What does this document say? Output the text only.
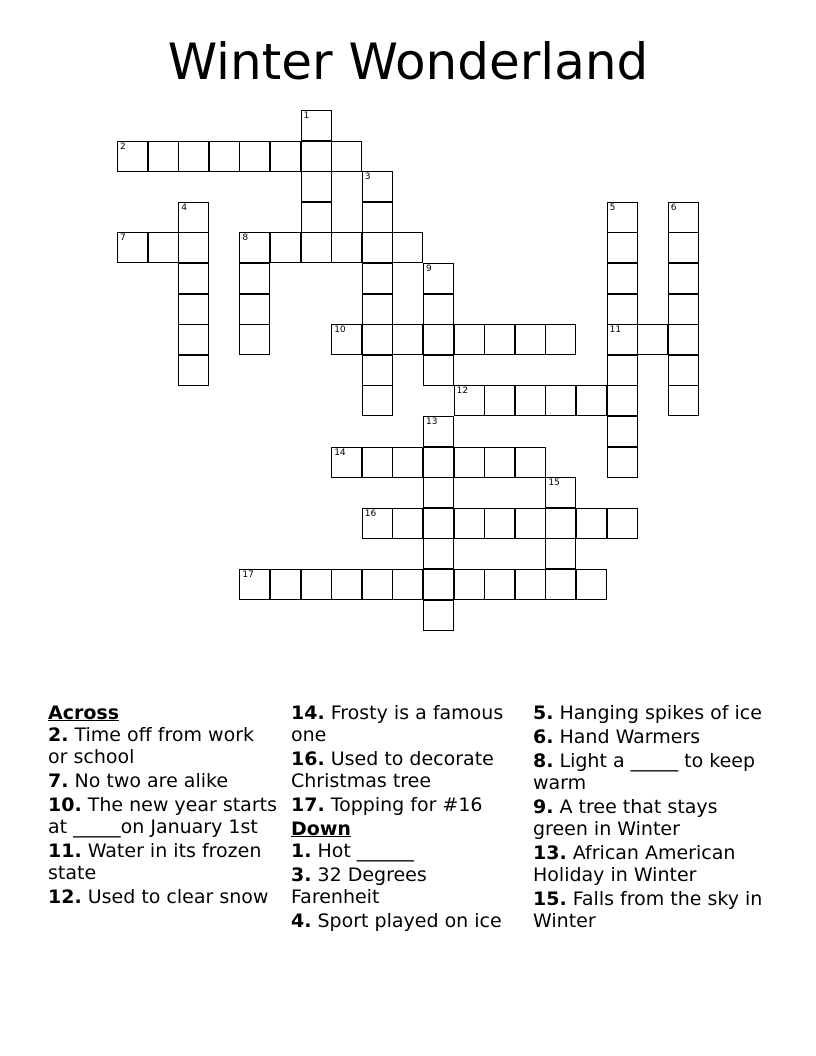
Winter Wonderland
1
2
3
4	5	6
7	8
9
10	11
12
13
14
15
16
17

Across

2. Time off from work or school

7. No two are alike

10. The new year starts at _____on January 1st

11. Water in its frozen state

12. Used to clear snow

14. Frosty is a famous one

16. Used to decorate Christmas tree

17. Topping for #16

Down

1. Hot ______

3. 32 Degrees Farenheit

4. Sport played on ice

5. Hanging spikes of ice

6. Hand Warmers

8. Light a _____ to keep warm

9. A tree that stays green in Winter

13. African American Holiday in Winter

15. Falls from the sky in Winter
